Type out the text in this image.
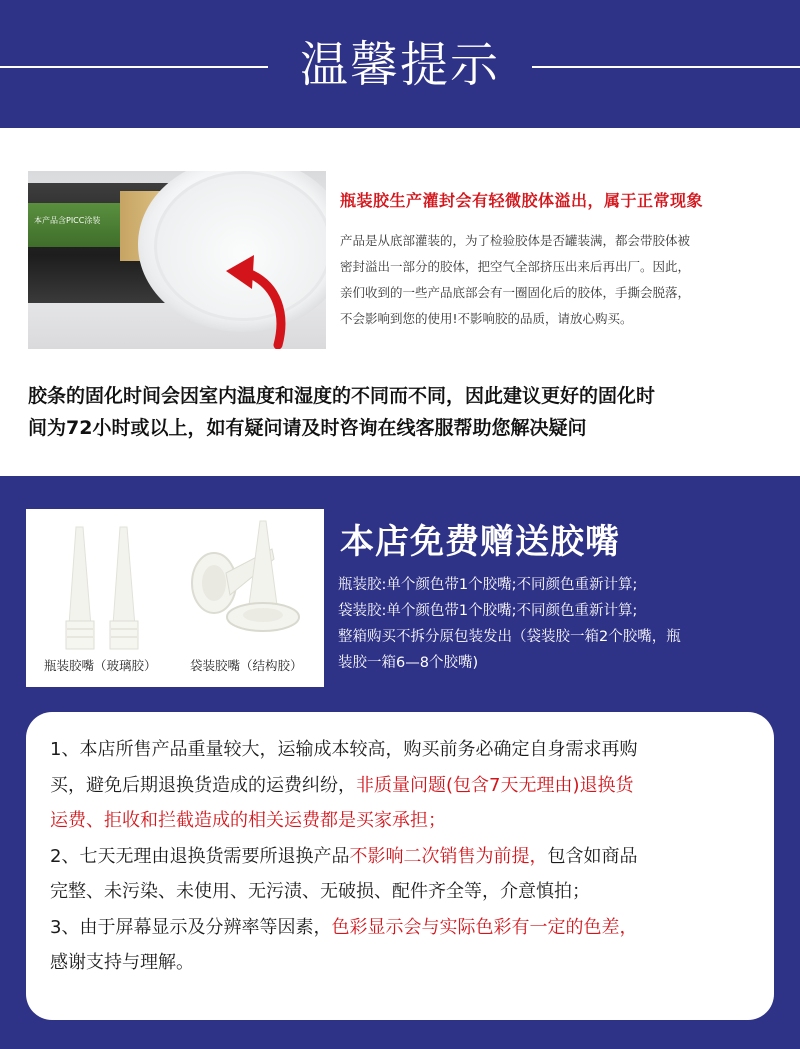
温馨提示
本产品含PICC涂装
瓶装胶生产灌封会有轻微胶体溢出，属于正常现象
产品是从底部灌装的，为了检验胶体是否罐装满，都会带胶体被
密封溢出一部分的胶体，把空气全部挤压出来后再出厂。因此，
亲们收到的一些产品底部会有一圈固化后的胶体，手撕会脱落，
不会影响到您的使用!不影响胶的品质，请放心购买。
胶条的固化时间会因室内温度和湿度的不同而不同，因此建议更好的固化时
间为72小时或以上，如有疑问请及时咨询在线客服帮助您解决疑问
瓶装胶嘴（玻璃胶）	袋装胶嘴（结构胶）
本店免费赠送胶嘴
瓶装胶:单个颜色带1个胶嘴;不同颜色重新计算;
袋装胶:单个颜色带1个胶嘴;不同颜色重新计算;
整箱购买不拆分原包装发出（袋装胶一箱2个胶嘴，瓶
装胶一箱6—8个胶嘴)
1、本店所售产品重量较大，运输成本较高，购买前务必确定自身需求再购
买，避免后期退换货造成的运费纠纷，非质量问题(包含7天无理由)退换货
运费、拒收和拦截造成的相关运费都是买家承担；
2、七天无理由退换货需要所退换产品不影响二次销售为前提，包含如商品
完整、未污染、未使用、无污渍、无破损、配件齐全等，介意慎拍；
3、由于屏幕显示及分辨率等因素，色彩显示会与实际色彩有一定的色差，
感谢支持与理解。
